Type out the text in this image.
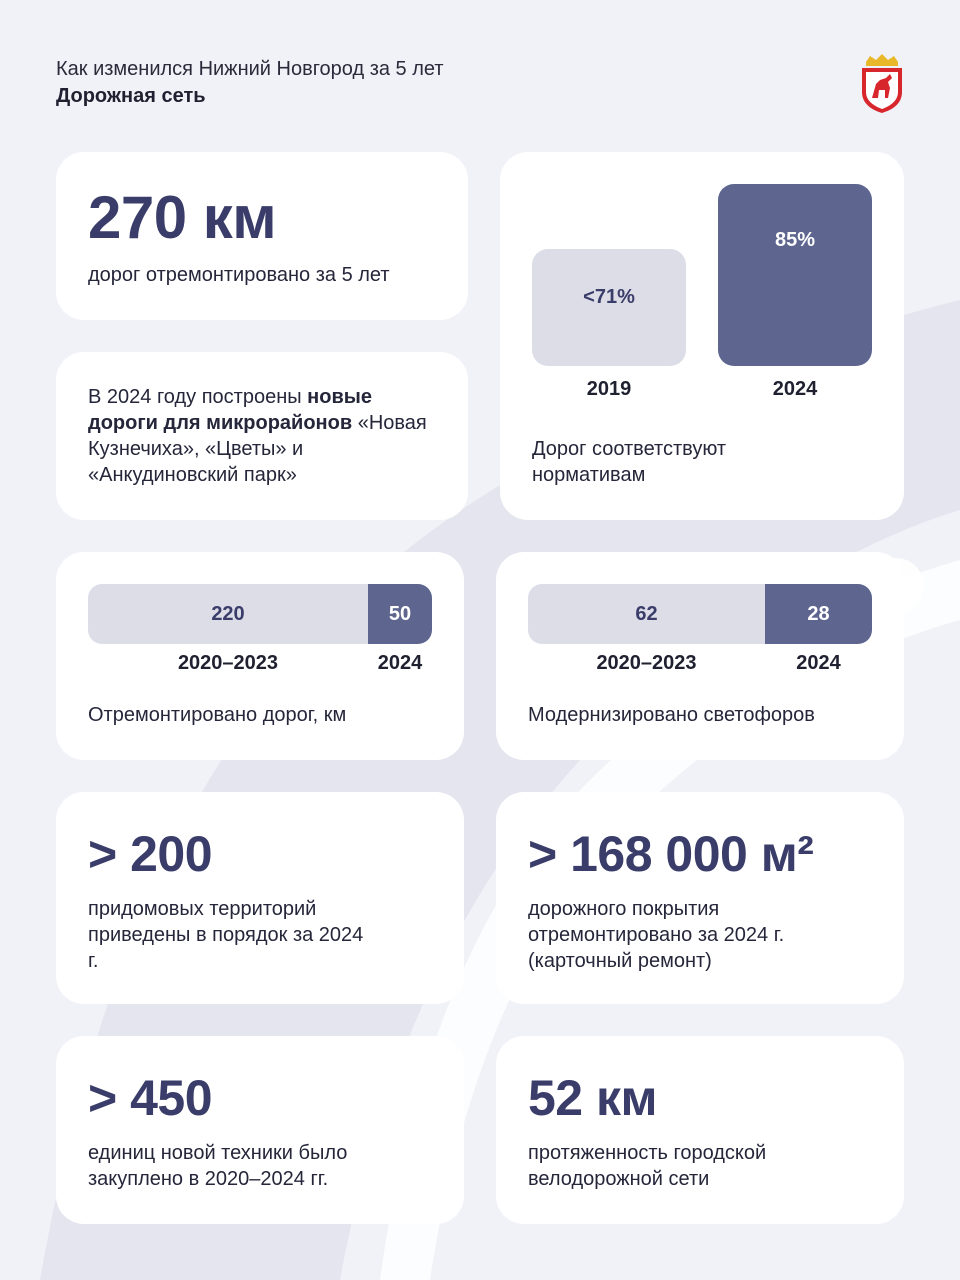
Как изменился Нижний Новгород за 5 лет
Дорожная сеть
270 км
дорог отремонтировано за 5 лет
В 2024 году построены новые дороги для микрорайонов «Новая Кузнечиха», «Цветы» и «Анкудиновский парк»
<71%
2019
85%
2024
Дорог соответствуют нормативам
220	50
2020–2023	2024
Отремонтировано дорог, км
62	28
2020–2023	2024
Модернизировано светофоров
> 200
придомовых территорий приведены в порядок за 2024 г.
> 168 000 м²
дорожного покрытия отремонтировано за 2024 г. (карточный ремонт)
> 450
единиц новой техники было закуплено в 2020–2024 гг.
52 км
протяженность городской велодорожной сети
